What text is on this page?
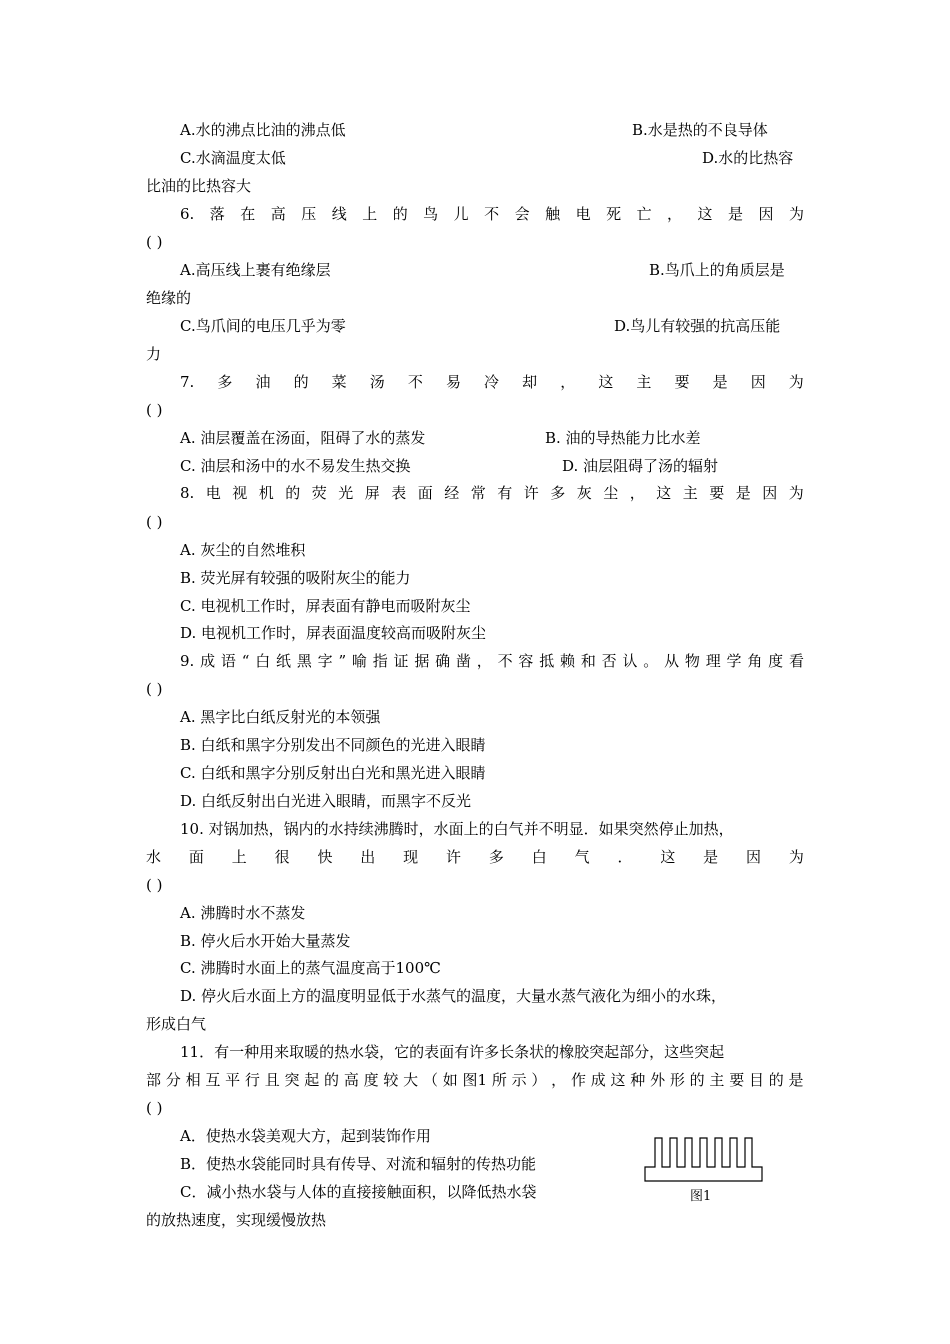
A.水的沸点比油的沸点低	B.水是热的不良导体
C.水滴温度太低	D.水的比热容
比油的比热容大
6. 落 在 高 压 线 上 的 鸟 儿 不 会 触 电 死 亡 ， 这 是 因 为
( )
A.高压线上裹有绝缘层	B.鸟爪上的角质层是
绝缘的
C.鸟爪间的电压几乎为零	D.鸟儿有较强的抗高压能
力
7. 多 油 的 菜 汤 不 易 冷 却 ， 这 主 要 是 因 为
( )
A. 油层覆盖在汤面，阻碍了水的蒸发	B. 油的导热能力比水差
C. 油层和汤中的水不易发生热交换	D. 油层阻碍了汤的辐射
8. 电 视 机 的 荧 光 屏 表 面 经 常 有 许 多 灰 尘 ， 这 主 要 是 因 为
( )
A. 灰尘的自然堆积
B. 荧光屏有较强的吸附灰尘的能力
C. 电视机工作时，屏表面有静电而吸附灰尘
D. 电视机工作时，屏表面温度较高而吸附灰尘
9. 成 语 “ 白 纸 黑 字 ” 喻 指 证 据 确 凿 ， 不 容 抵 赖 和 否 认 。 从 物 理 学 角 度 看
( )
A. 黑字比白纸反射光的本领强
B. 白纸和黑字分别发出不同颜色的光进入眼睛
C. 白纸和黑字分别反射出白光和黑光进入眼睛
D. 白纸反射出白光进入眼睛，而黑字不反光
10. 对锅加热，锅内的水持续沸腾时，水面上的白气并不明显．如果突然停止加热，
水 面 上 很 快 出 现 许 多 白 气 ． 这 是 因 为
( )
A. 沸腾时水不蒸发
B. 停火后水开始大量蒸发
C. 沸腾时水面上的蒸气温度高于100℃
D. 停火后水面上方的温度明显低于水蒸气的温度，大量水蒸气液化为细小的水珠，
形成白气
11．有一种用来取暖的热水袋，它的表面有许多长条状的橡胶突起部分，这些突起
部 分 相 互 平 行 且 突 起 的 高 度 较 大 （ 如 图1 所 示 ） ， 作 成 这 种 外 形 的 主 要 目 的 是
( )
A．使热水袋美观大方，起到装饰作用
B．使热水袋能同时具有传导、对流和辐射的传热功能
C．减小热水袋与人体的直接接触面积，以降低热水袋
的放热速度，实现缓慢放热
图1
